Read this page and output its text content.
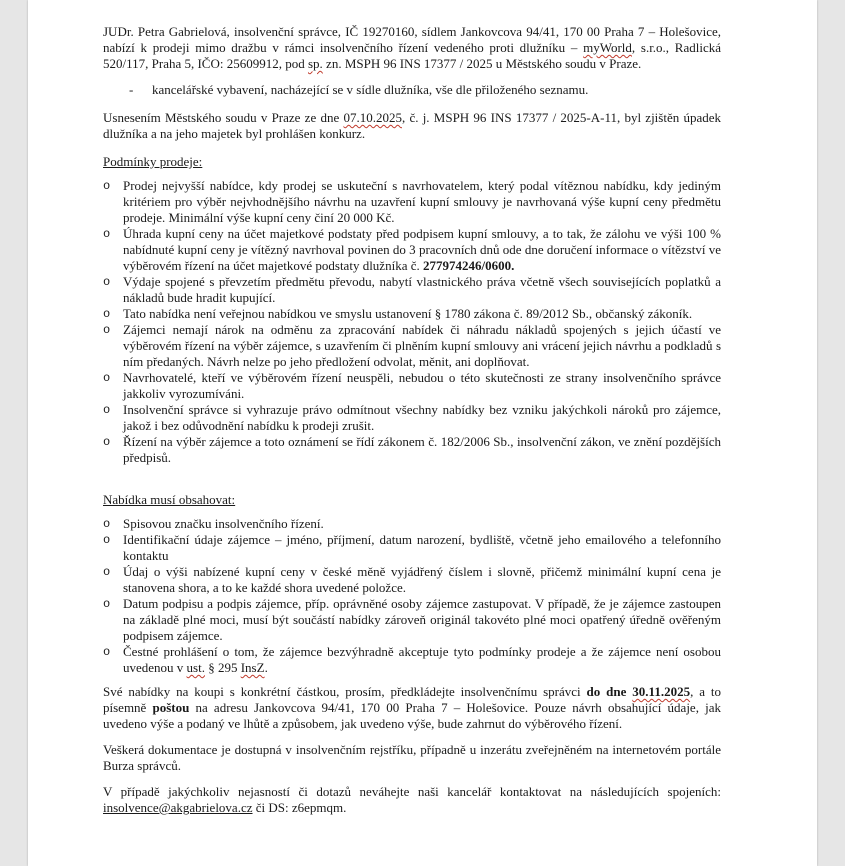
JUDr. Petra Gabrielová, insolvenční správce, IČ 19270160, sídlem Jankovcova 94/41, 170 00 Praha 7 – Holešovice, nabízí k prodeji mimo dražbu v rámci insolvenčního řízení vedeného proti dlužníku – myWorld, s.r.o., Radlická 520/117, Praha 5, IČO: 25609912, pod sp. zn. MSPH 96 INS 17377 / 2025 u Městského soudu v Praze.

- kancelářské vybavení, nacházející se v sídle dlužníka, vše dle přiloženého seznamu.

Usnesením Městského soudu v Praze ze dne 07.10.2025, č. j. MSPH 96 INS 17377 / 2025-A-11, byl zjištěn úpadek dlužníka a na jeho majetek byl prohlášen konkurz.

Podmínky prodeje:

o Prodej nejvyšší nabídce, kdy prodej se uskuteční s navrhovatelem, který podal vítěznou nabídku, kdy jediným kritériem pro výběr nejvhodnějšího návrhu na uzavření kupní smlouvy je navrhovaná výše kupní ceny předmětu prodeje. Minimální výše kupní ceny činí 20 000 Kč.
o Úhrada kupní ceny na účet majetkové podstaty před podpisem kupní smlouvy, a to tak, že zálohu ve výši 100 % nabídnuté kupní ceny je vítězný navrhoval povinen do 3 pracovních dnů ode dne doručení informace o vítězství ve výběrovém řízení na účet majetkové podstaty dlužníka č. 277974246/0600.
o Výdaje spojené s převzetím předmětu převodu, nabytí vlastnického práva včetně všech souvisejících poplatků a nákladů bude hradit kupující.
o Tato nabídka není veřejnou nabídkou ve smyslu ustanovení § 1780 zákona č. 89/2012 Sb., občanský zákoník.
o Zájemci nemají nárok na odměnu za zpracování nabídek či náhradu nákladů spojených s jejich účastí ve výběrovém řízení na výběr zájemce, s uzavřením či plněním kupní smlouvy ani vrácení jejich návrhu a podkladů s ním předaných. Návrh nelze po jeho předložení odvolat, měnit, ani doplňovat.
o Navrhovatelé, kteří ve výběrovém řízení neuspěli, nebudou o této skutečnosti ze strany insolvenčního správce jakkoliv vyrozumíváni.
o Insolvenční správce si vyhrazuje právo odmítnout všechny nabídky bez vzniku jakýchkoli nároků pro zájemce, jakož i bez odůvodnění nabídku k prodeji zrušit.
o Řízení na výběr zájemce a toto oznámení se řídí zákonem č. 182/2006 Sb., insolvenční zákon, ve znění pozdějších předpisů.

Nabídka musí obsahovat:

o Spisovou značku insolvenčního řízení.
o Identifikační údaje zájemce – jméno, příjmení, datum narození, bydliště, včetně jeho emailového a telefonního kontaktu
o Údaj o výši nabízené kupní ceny v české měně vyjádřený číslem i slovně, přičemž minimální kupní cena je stanovena shora, a to ke každé shora uvedené položce.
o Datum podpisu a podpis zájemce, příp. oprávněné osoby zájemce zastupovat. V případě, že je zájemce zastoupen na základě plné moci, musí být součástí nabídky zároveň originál takovéto plné moci opatřený úředně ověřeným podpisem zájemce.
o Čestné prohlášení o tom, že zájemce bezvýhradně akceptuje tyto podmínky prodeje a že zájemce není osobou uvedenou v ust. § 295 InsZ.

Své nabídky na koupi s konkrétní částkou, prosím, předkládejte insolvenčnímu správci do dne 30.11.2025, a to písemně poštou na adresu Jankovcova 94/41, 170 00 Praha 7 – Holešovice. Pouze návrh obsahující údaje, jak uvedeno výše a podaný ve lhůtě a způsobem, jak uvedeno výše, bude zahrnut do výběrového řízení.

Veškerá dokumentace je dostupná v insolvenčním rejstříku, případně u inzerátu zveřejněném na internetovém portále Burza správců.

V případě jakýchkoliv nejasností či dotazů neváhejte naši kancelář kontaktovat na následujících spojeních: insolvence@akgabrielova.cz či DS: z6epmqm.
